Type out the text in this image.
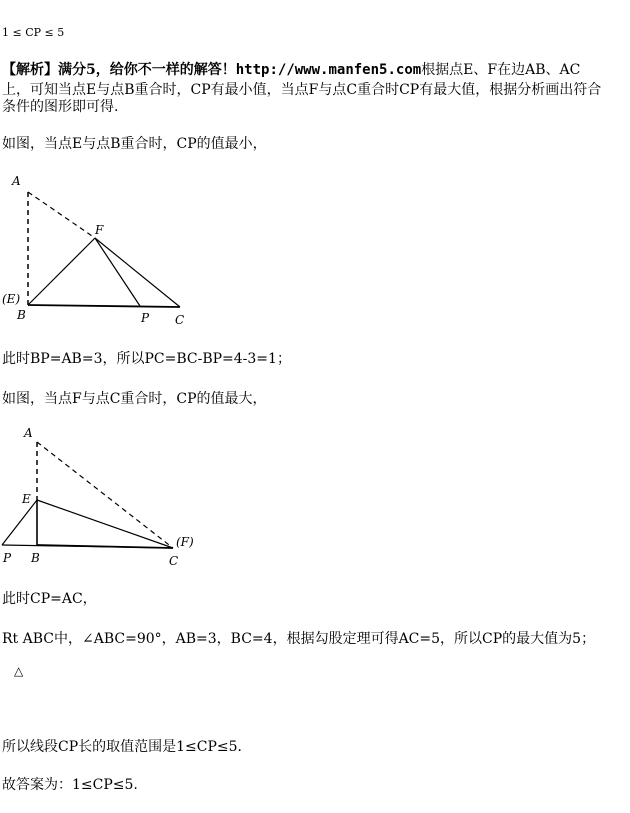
1 ≤ CP ≤ 5
【解析】满分5，给你不一样的解答！http://www.manfen5.com根据点E、F在边AB、AC
上，可知当点E与点B重合时，CP有最小值，当点F与点C重合时CP有最大值，根据分析画出符合
条件的图形即可得.
如图，当点E与点B重合时，CP的值最小，
A
F
(E)
B	P C
此时BP=AB=3，所以PC=BC-BP=4-3=1；
如图，当点F与点C重合时，CP的值最大，
A
E
P B
(F)
C
此时CP=AC，
Rt ABC中，∠ABC=90°，AB=3，BC=4，根据勾股定理可得AC=5，所以CP的最大值为5；
△
所以线段CP长的取值范围是1≤CP≤5．
故答案为：1≤CP≤5.
